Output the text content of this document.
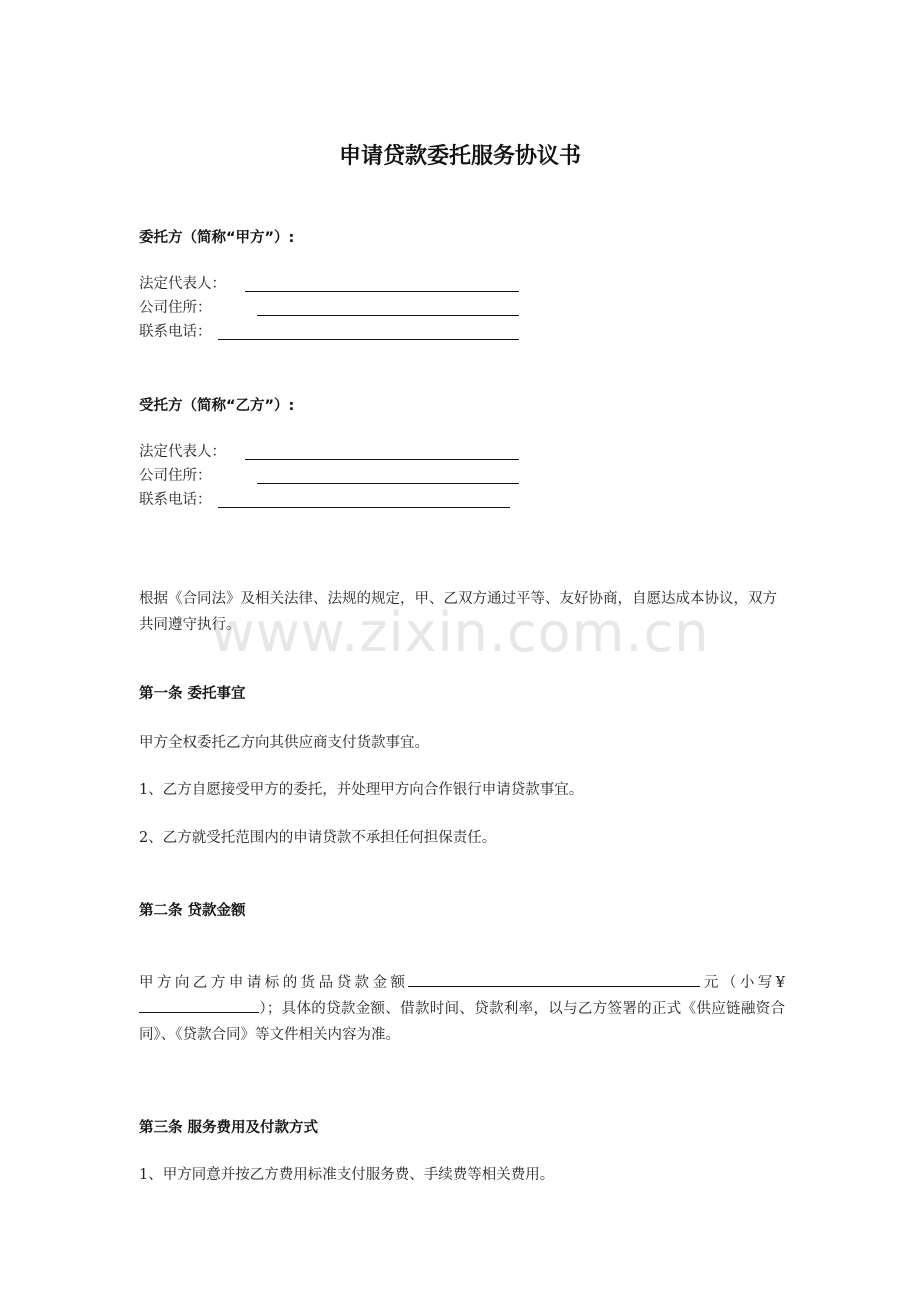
申请贷款委托服务协议书
委托方（简称“甲方”）:
法定代表人：
公司住所：
联系电话：
受托方（简称“乙方”）:
法定代表人：
公司住所：
联系电话：
www.zixin.com.cn
根据《合同法》及相关法律、法规的规定，甲、乙双方通过平等、友好协商，自愿达成本协议，双方共同遵守执行。
第一条 委托事宜
甲方全权委托乙方向其供应商支付货款事宜。
1、乙方自愿接受甲方的委托，并处理甲方向合作银行申请贷款事宜。
2、乙方就受托范围内的申请贷款不承担任何担保责任。
第二条 贷款金额
甲方向乙方申请标的货品贷款金额	元（小写¥）；具体的贷款金额、借款时间、贷款利率，以与乙方签署的正式《供应链融资合同》、《贷款合同》等文件相关内容为准。
第三条 服务费用及付款方式
1、甲方同意并按乙方费用标准支付服务费、手续费等相关费用。
